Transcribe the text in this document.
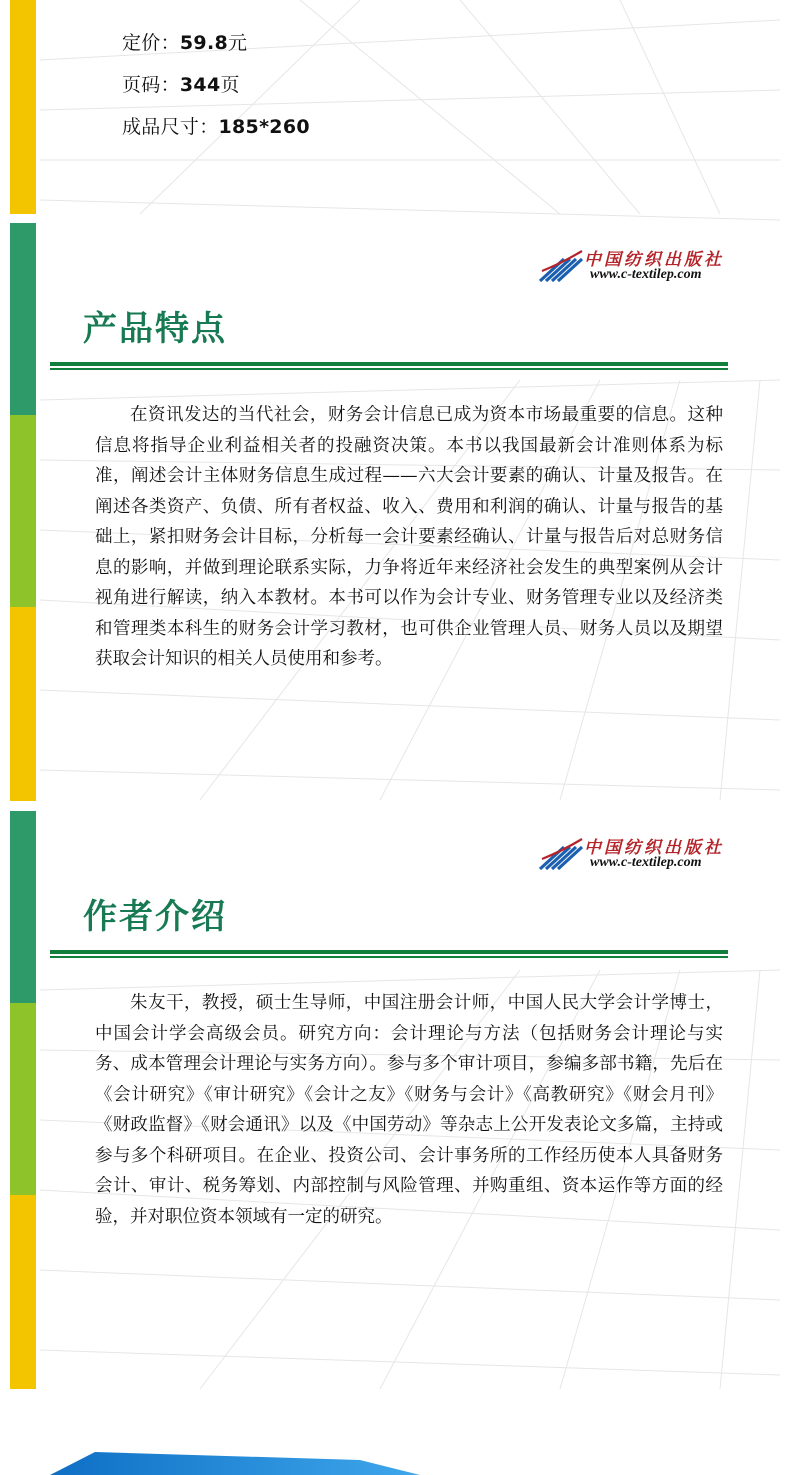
定价：59.8元
页码：344页
成品尺寸：185*260
中国纺织出版社
www.c-textilep.com
产品特点
在资讯发达的当代社会，财务会计信息已成为资本市场最重要的信息。这种信息将指导企业利益相关者的投融资决策。本书以我国最新会计准则体系为标准，阐述会计主体财务信息生成过程——六大会计要素的确认、计量及报告。在阐述各类资产、负债、所有者权益、收入、费用和利润的确认、计量与报告的基础上，紧扣财务会计目标，分析每一会计要素经确认、计量与报告后对总财务信息的影响，并做到理论联系实际，力争将近年来经济社会发生的典型案例从会计视角进行解读，纳入本教材。本书可以作为会计专业、财务管理专业以及经济类和管理类本科生的财务会计学习教材，也可供企业管理人员、财务人员以及期望获取会计知识的相关人员使用和参考。
中国纺织出版社
www.c-textilep.com
作者介绍
朱友干，教授，硕士生导师，中国注册会计师，中国人民大学会计学博士，中国会计学会高级会员。研究方向：会计理论与方法（包括财务会计理论与实务、成本管理会计理论与实务方向）。参与多个审计项目，参编多部书籍，先后在《会计研究》《审计研究》《会计之友》《财务与会计》《高教研究》《财会月刊》《财政监督》《财会通讯》以及《中国劳动》等杂志上公开发表论文多篇，主持或参与多个科研项目。在企业、投资公司、会计事务所的工作经历使本人具备财务会计、审计、税务筹划、内部控制与风险管理、并购重组、资本运作等方面的经验，并对职位资本领域有一定的研究。
